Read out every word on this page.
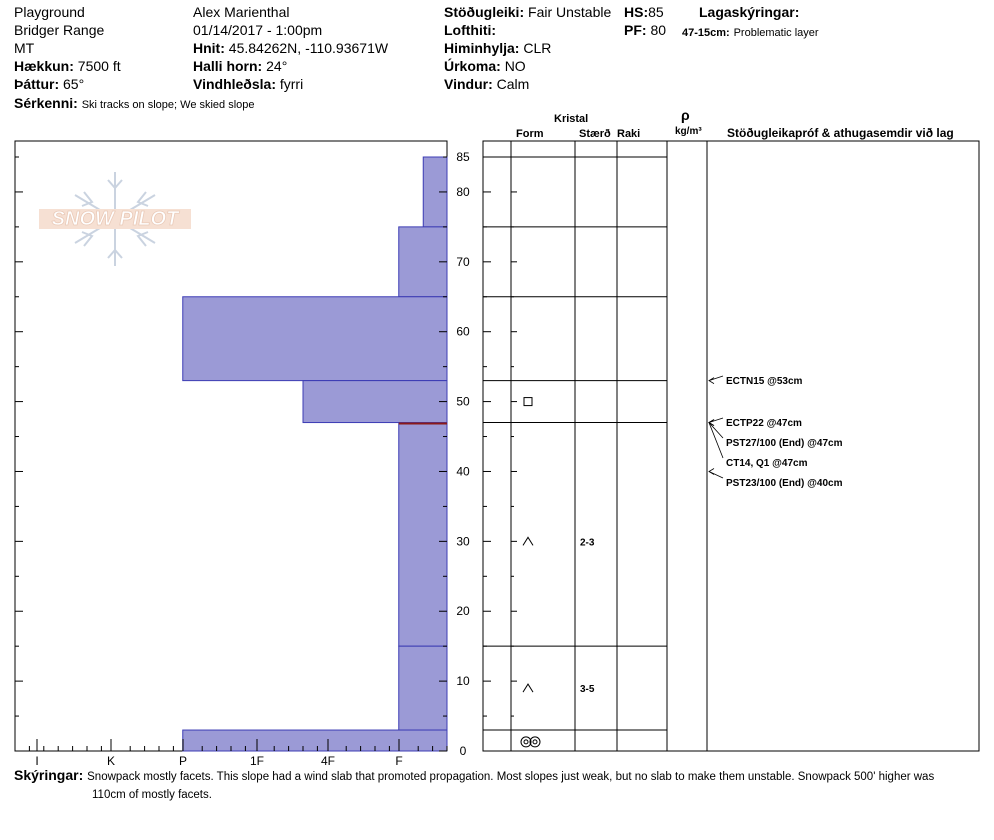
Playground
Bridger Range
MT
Hækkun: 7500 ft
Þáttur: 65°
Sérkenni: Ski tracks on slope; We skied slope
Alex Marienthal
01/14/2017 - 1:00pm
Hnit: 45.84262N, -110.93671W
Halli horn: 24°
Vindhleðsla: fyrri
Stöðugleiki: Fair Unstable HS:85
Lofthiti:	PF: 80
Himinhylja: CLR
Úrkoma: NO
Vindur: Calm
Lagaskýringar:
47-15cm: Problematic layer
Kristal
Form	Stærð Raki
ρ
kg/m³ Stöðugleikapróf & athugasemdir við lag
SNOW PILOT
I	K	P	1F	4F	F
0
10
20
30
40
50
60
70
80
85
2-3
3-5
ECTN15 @53cm
ECTP22 @47cm
PST27/100 (End) @47cm
CT14, Q1 @47cm
PST23/100 (End) @40cm
Skýringar: Snowpack mostly facets. This slope had a wind slab that promoted propagation. Most slopes just weak, but no slab to make them unstable. Snowpack 500' higher was
110cm of mostly facets.
